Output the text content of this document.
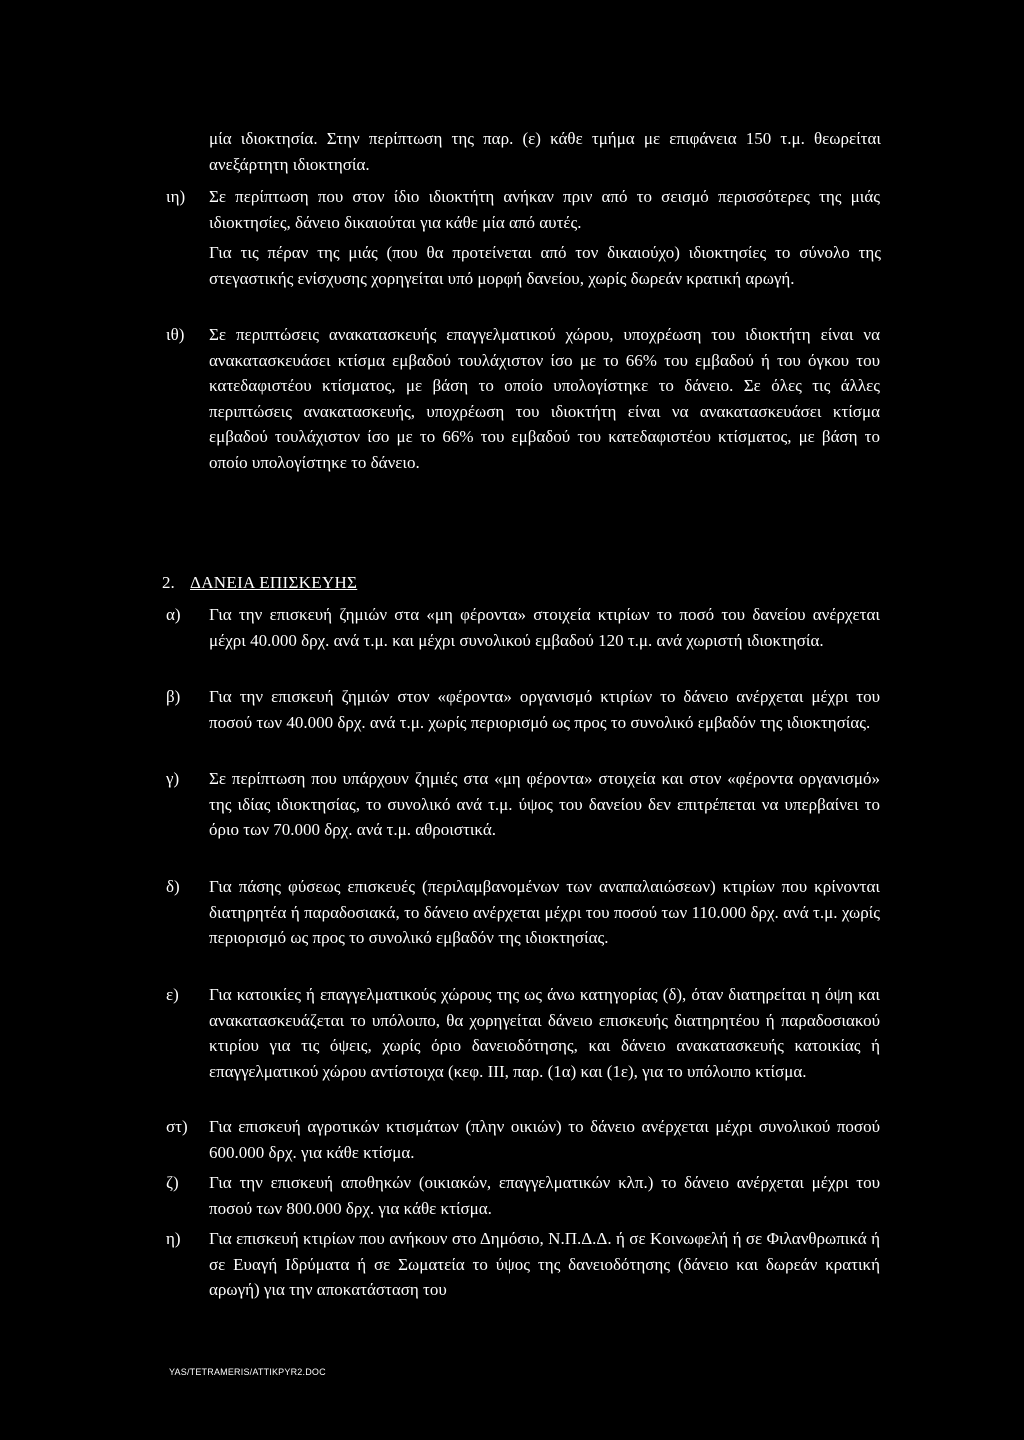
μία ιδιοκτησία. Στην περίπτωση της παρ. (ε) κάθε τμήμα με επιφάνεια 150 τ.μ. θεωρείται ανεξάρτητη ιδιοκτησία.

ιη)	Σε περίπτωση που στον ίδιο ιδιοκτήτη ανήκαν πριν από το σεισμό περισσότερες της μιάς ιδιοκτησίες, δάνειο δικαιούται για κάθε μία από αυτές.

Για τις πέραν της μιάς (που θα προτείνεται από τον δικαιούχο) ιδιοκτησίες το σύνολο της στεγαστικής ενίσχυσης χορηγείται υπό μορφή δανείου, χωρίς δωρεάν κρατική αρωγή.

ιθ)	Σε περιπτώσεις ανακατασκευής επαγγελματικού χώρου, υποχρέωση του ιδιοκτήτη είναι να ανακατασκευάσει κτίσμα εμβαδού τουλάχιστον ίσο με το 66% του εμβαδού ή του όγκου του κατεδαφιστέου κτίσματος, με βάση το οποίο υπολογίστηκε το δάνειο. Σε όλες τις άλλες περιπτώσεις ανακατασκευής, υποχρέωση του ιδιοκτήτη είναι να ανακατασκευάσει κτίσμα εμβαδού τουλάχιστον ίσο με το 66% του εμβαδού του κατεδαφιστέου κτίσματος, με βάση το οποίο υπολογίστηκε το δάνειο.
2. ΔΑΝΕΙΑ ΕΠΙΣΚΕΥΗΣ
α)	Για την επισκευή ζημιών στα «μη φέροντα» στοιχεία κτιρίων το ποσό του δανείου ανέρχεται μέχρι 40.000 δρχ. ανά τ.μ. και μέχρι συνολικού εμβαδού 120 τ.μ. ανά χωριστή ιδιοκτησία.
β)	Για την επισκευή ζημιών στον «φέροντα» οργανισμό κτιρίων το δάνειο ανέρχεται μέχρι του ποσού των 40.000 δρχ. ανά τ.μ. χωρίς περιορισμό ως προς το συνολικό εμβαδόν της ιδιοκτησίας.
γ)	Σε περίπτωση που υπάρχουν ζημιές στα «μη φέροντα» στοιχεία και στον «φέροντα οργανισμό» της ιδίας ιδιοκτησίας, το συνολικό ανά τ.μ. ύψος του δανείου δεν επιτρέπεται να υπερβαίνει το όριο των 70.000 δρχ. ανά τ.μ. αθροιστικά.
δ)	Για πάσης φύσεως επισκευές (περιλαμβανομένων των αναπαλαιώσεων) κτιρίων που κρίνονται διατηρητέα ή παραδοσιακά, το δάνειο ανέρχεται μέχρι του ποσού των 110.000 δρχ. ανά τ.μ. χωρίς περιορισμό ως προς το συνολικό εμβαδόν της ιδιοκτησίας.
ε)	Για κατοικίες ή επαγγελματικούς χώρους της ως άνω κατηγορίας (δ), όταν διατηρείται η όψη και ανακατασκευάζεται το υπόλοιπο, θα χορηγείται δάνειο επισκευής διατηρητέου ή παραδοσιακού κτιρίου για τις όψεις, χωρίς όριο δανειοδότησης, και δάνειο ανακατασκευής κατοικίας ή επαγγελματικού χώρου αντίστοιχα (κεφ. ΙΙΙ, παρ. (1α) και (1ε), για το υπόλοιπο κτίσμα.
στ)	Για επισκευή αγροτικών κτισμάτων (πλην οικιών) το δάνειο ανέρχεται μέχρι συνολικού ποσού 600.000 δρχ. για κάθε κτίσμα.
ζ)	Για την επισκευή αποθηκών (οικιακών, επαγγελματικών κλπ.) το δάνειο ανέρχεται μέχρι του ποσού των 800.000 δρχ. για κάθε κτίσμα.
η)	Για επισκευή κτιρίων που ανήκουν στο Δημόσιο, Ν.Π.Δ.Δ. ή σε Κοινωφελή ή σε Φιλανθρωπικά ή σε Ευαγή Ιδρύματα ή σε Σωματεία το ύψος της δανειοδότησης (δάνειο και δωρεάν κρατική αρωγή) για την αποκατάσταση του
YAS/TETRAMERIS/ATTIKPYR2.DOC
